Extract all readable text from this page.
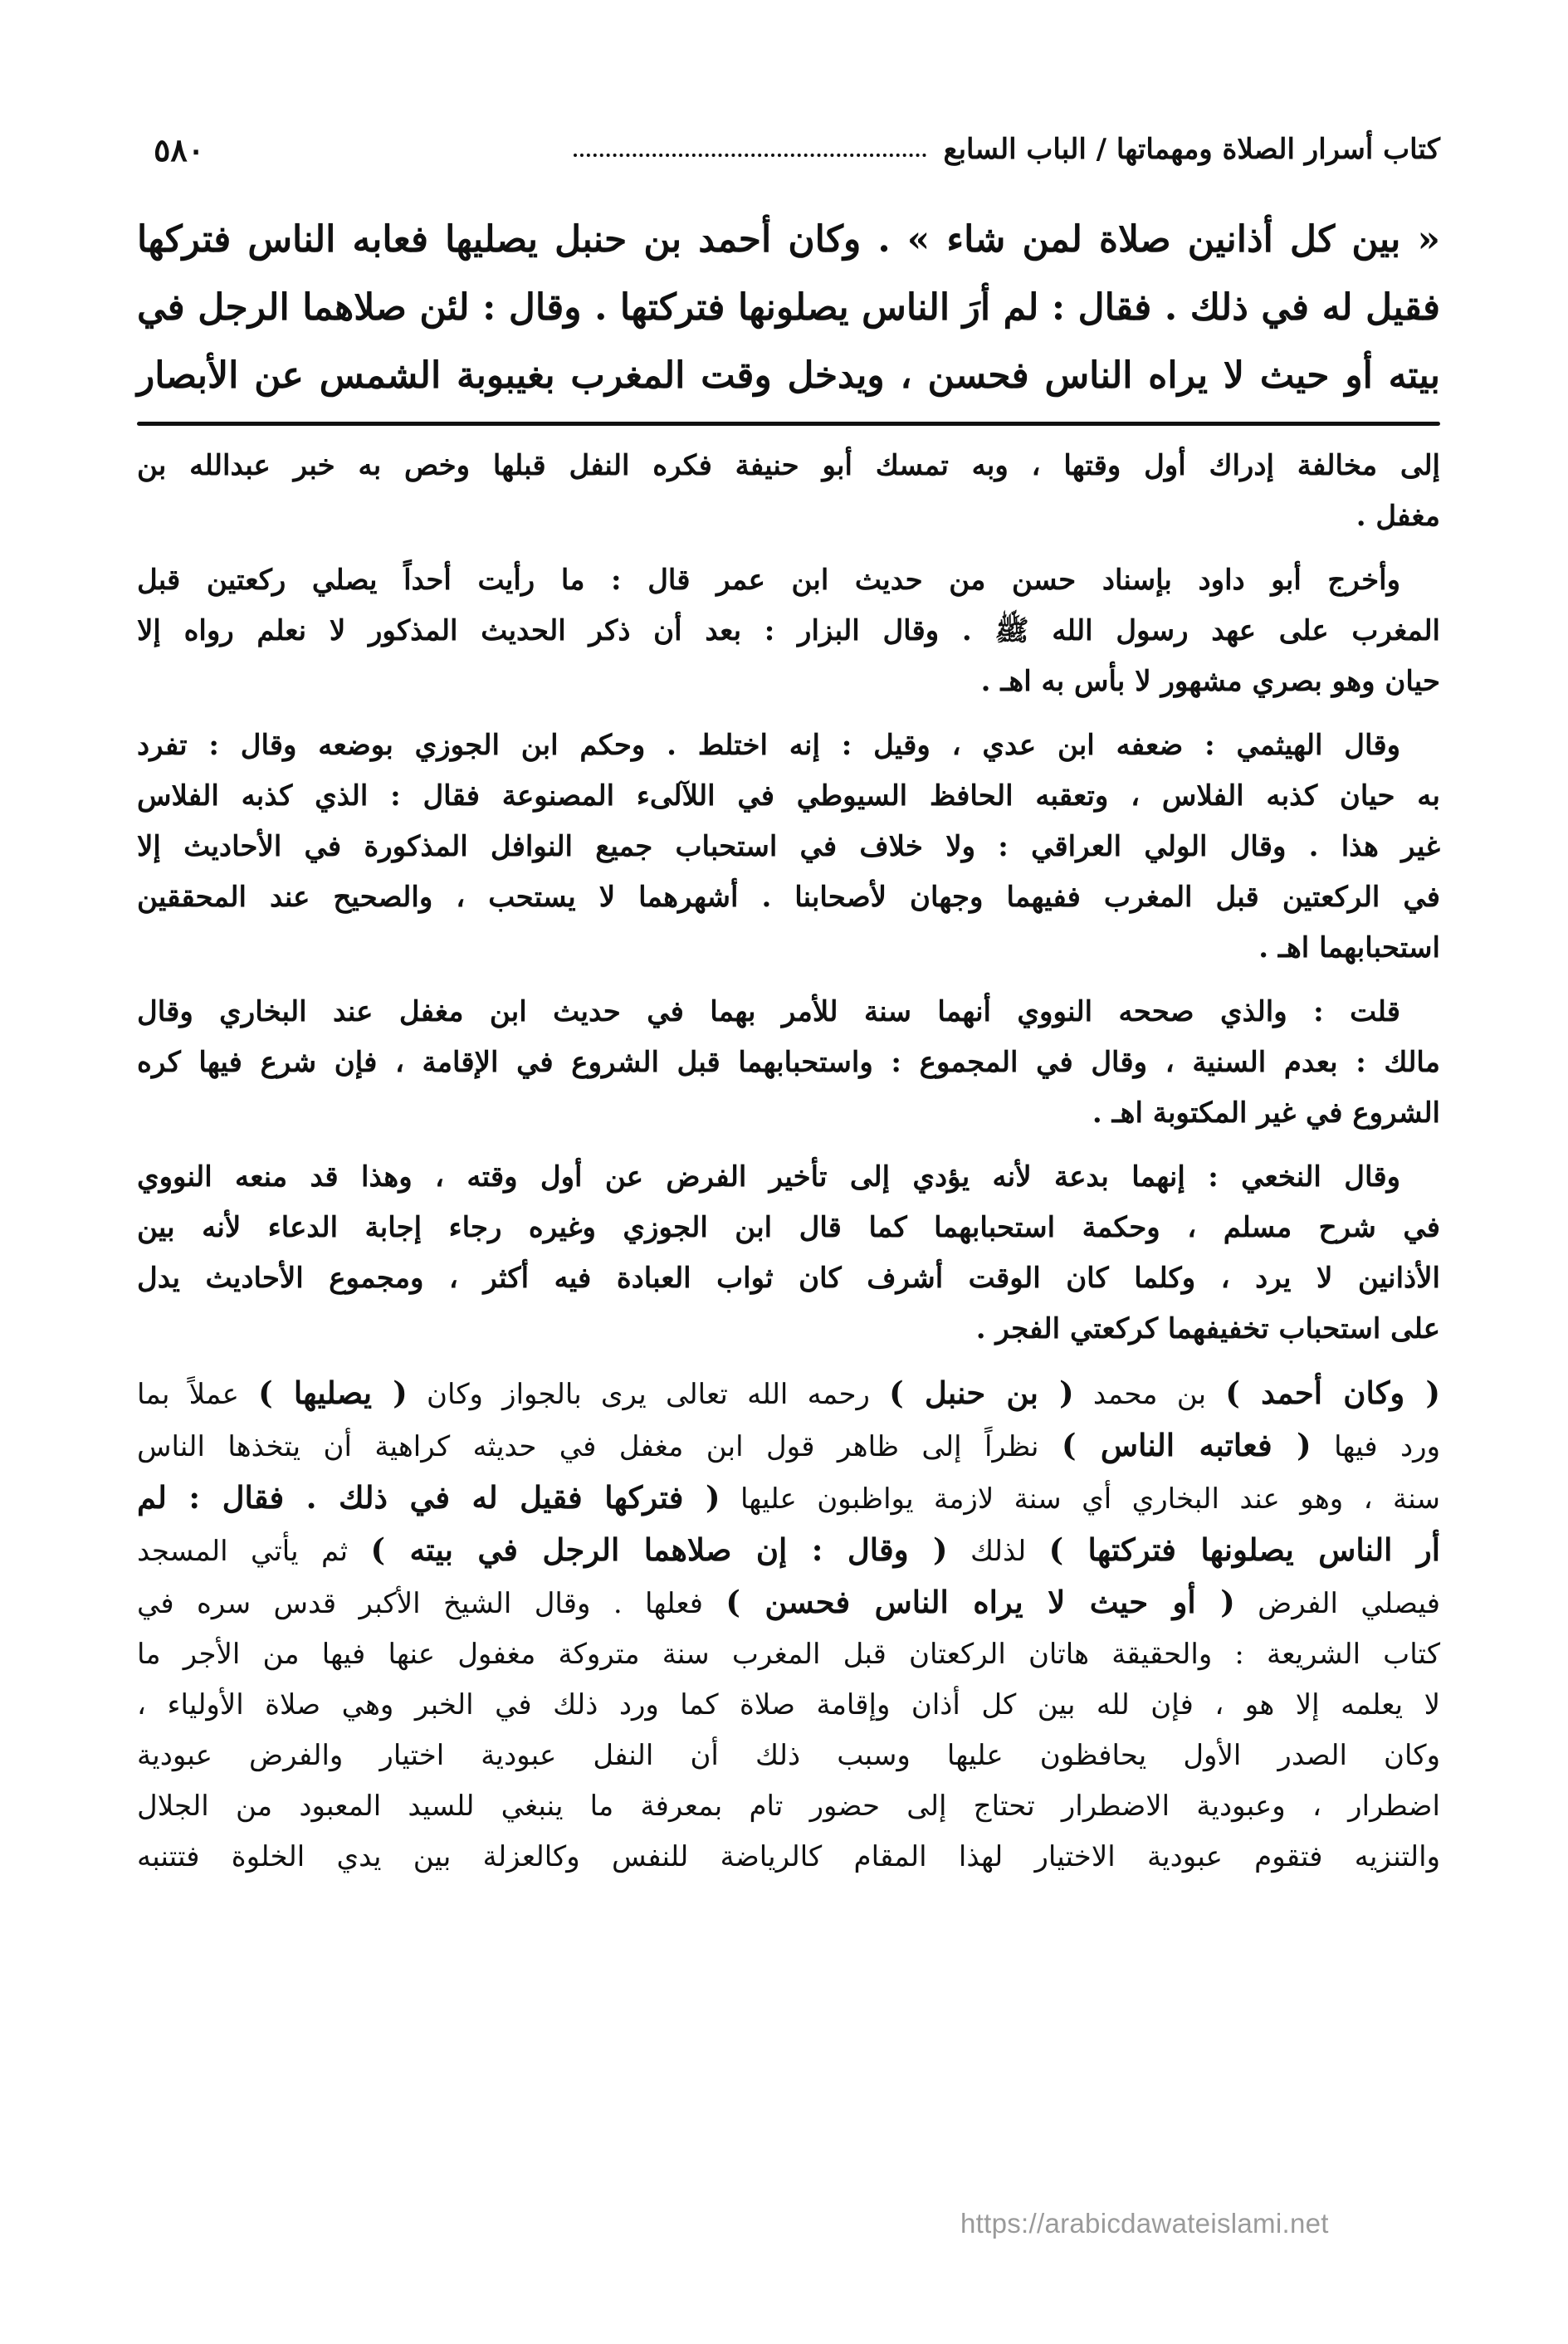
كتاب أسرار الصلاة ومهماتها / الباب السابع
٥٨٠
« بين كل أذانين صلاة لمن شاء » . وكان أحمد بن حنبل يصليها فعابه الناس فتركها
فقيل له في ذلك . فقال : لم أرَ الناس يصلونها فتركتها . وقال : لئن صلاهما الرجل في
بيته أو حيث لا يراه الناس فحسن ، ويدخل وقت المغرب بغيبوبة الشمس عن الأبصار
إلى مخالفة إدراك أول وقتها ، وبه تمسك أبو حنيفة فكره النفل قبلها وخص به خبر عبدالله بن
مغفل .
وأخرج أبو داود بإسناد حسن من حديث ابن عمر قال : ما رأيت أحداً يصلي ركعتين قبل
المغرب على عهد رسول الله ﷺ . وقال البزار : بعد أن ذكر الحديث المذكور لا نعلم رواه إلا
حيان وهو بصري مشهور لا بأس به اهـ .
وقال الهيثمي : ضعفه ابن عدي ، وقيل : إنه اختلط . وحكم ابن الجوزي بوضعه وقال : تفرد
به حيان كذبه الفلاس ، وتعقبه الحافظ السيوطي في اللآلىء المصنوعة فقال : الذي كذبه الفلاس
غير هذا . وقال الولي العراقي : ولا خلاف في استحباب جميع النوافل المذكورة في الأحاديث إلا
في الركعتين قبل المغرب ففيهما وجهان لأصحابنا . أشهرهما لا يستحب ، والصحيح عند المحققين
استحبابهما اهـ .
قلت : والذي صححه النووي أنهما سنة للأمر بهما في حديث ابن مغفل عند البخاري وقال
مالك : بعدم السنية ، وقال في المجموع : واستحبابهما قبل الشروع في الإقامة ، فإن شرع فيها كره
الشروع في غير المكتوبة اهـ .
وقال النخعي : إنهما بدعة لأنه يؤدي إلى تأخير الفرض عن أول وقته ، وهذا قد منعه النووي
في شرح مسلم ، وحكمة استحبابهما كما قال ابن الجوزي وغيره رجاء إجابة الدعاء لأنه بين
الأذانين لا يرد ، وكلما كان الوقت أشرف كان ثواب العبادة فيه أكثر ، ومجموع الأحاديث يدل
على استحباب تخفيفهما كركعتي الفجر .
( وكان أحمد ) بن محمد ( بن حنبل ) رحمه الله تعالى يرى بالجواز وكان ( يصليها ) عملاً بما
ورد فيها ( فعاتبه الناس ) نظراً إلى ظاهر قول ابن مغفل في حديثه كراهية أن يتخذها الناس
سنة ، وهو عند البخاري أي سنة لازمة يواظبون عليها ( فتركها فقيل له في ذلك . فقال : لم
أر الناس يصلونها فتركتها ) لذلك ( وقال : إن صلاهما الرجل في بيته ) ثم يأتي المسجد
فيصلي الفرض ( أو حيث لا يراه الناس فحسن ) فعلها . وقال الشيخ الأكبر قدس سره في
كتاب الشريعة : والحقيقة هاتان الركعتان قبل المغرب سنة متروكة مغفول عنها فيها من الأجر ما
لا يعلمه إلا هو ، فإن لله بين كل أذان وإقامة صلاة كما ورد ذلك في الخبر وهي صلاة الأولياء ،
وكان الصدر الأول يحافظون عليها وسبب ذلك أن النفل عبودية اختيار والفرض عبودية
اضطرار ، وعبودية الاضطرار تحتاج إلى حضور تام بمعرفة ما ينبغي للسيد المعبود من الجلال
والتنزيه فتقوم عبودية الاختيار لهذا المقام كالرياضة للنفس وكالعزلة بين يدي الخلوة فتتنبه
https://arabicdawateislami.net
